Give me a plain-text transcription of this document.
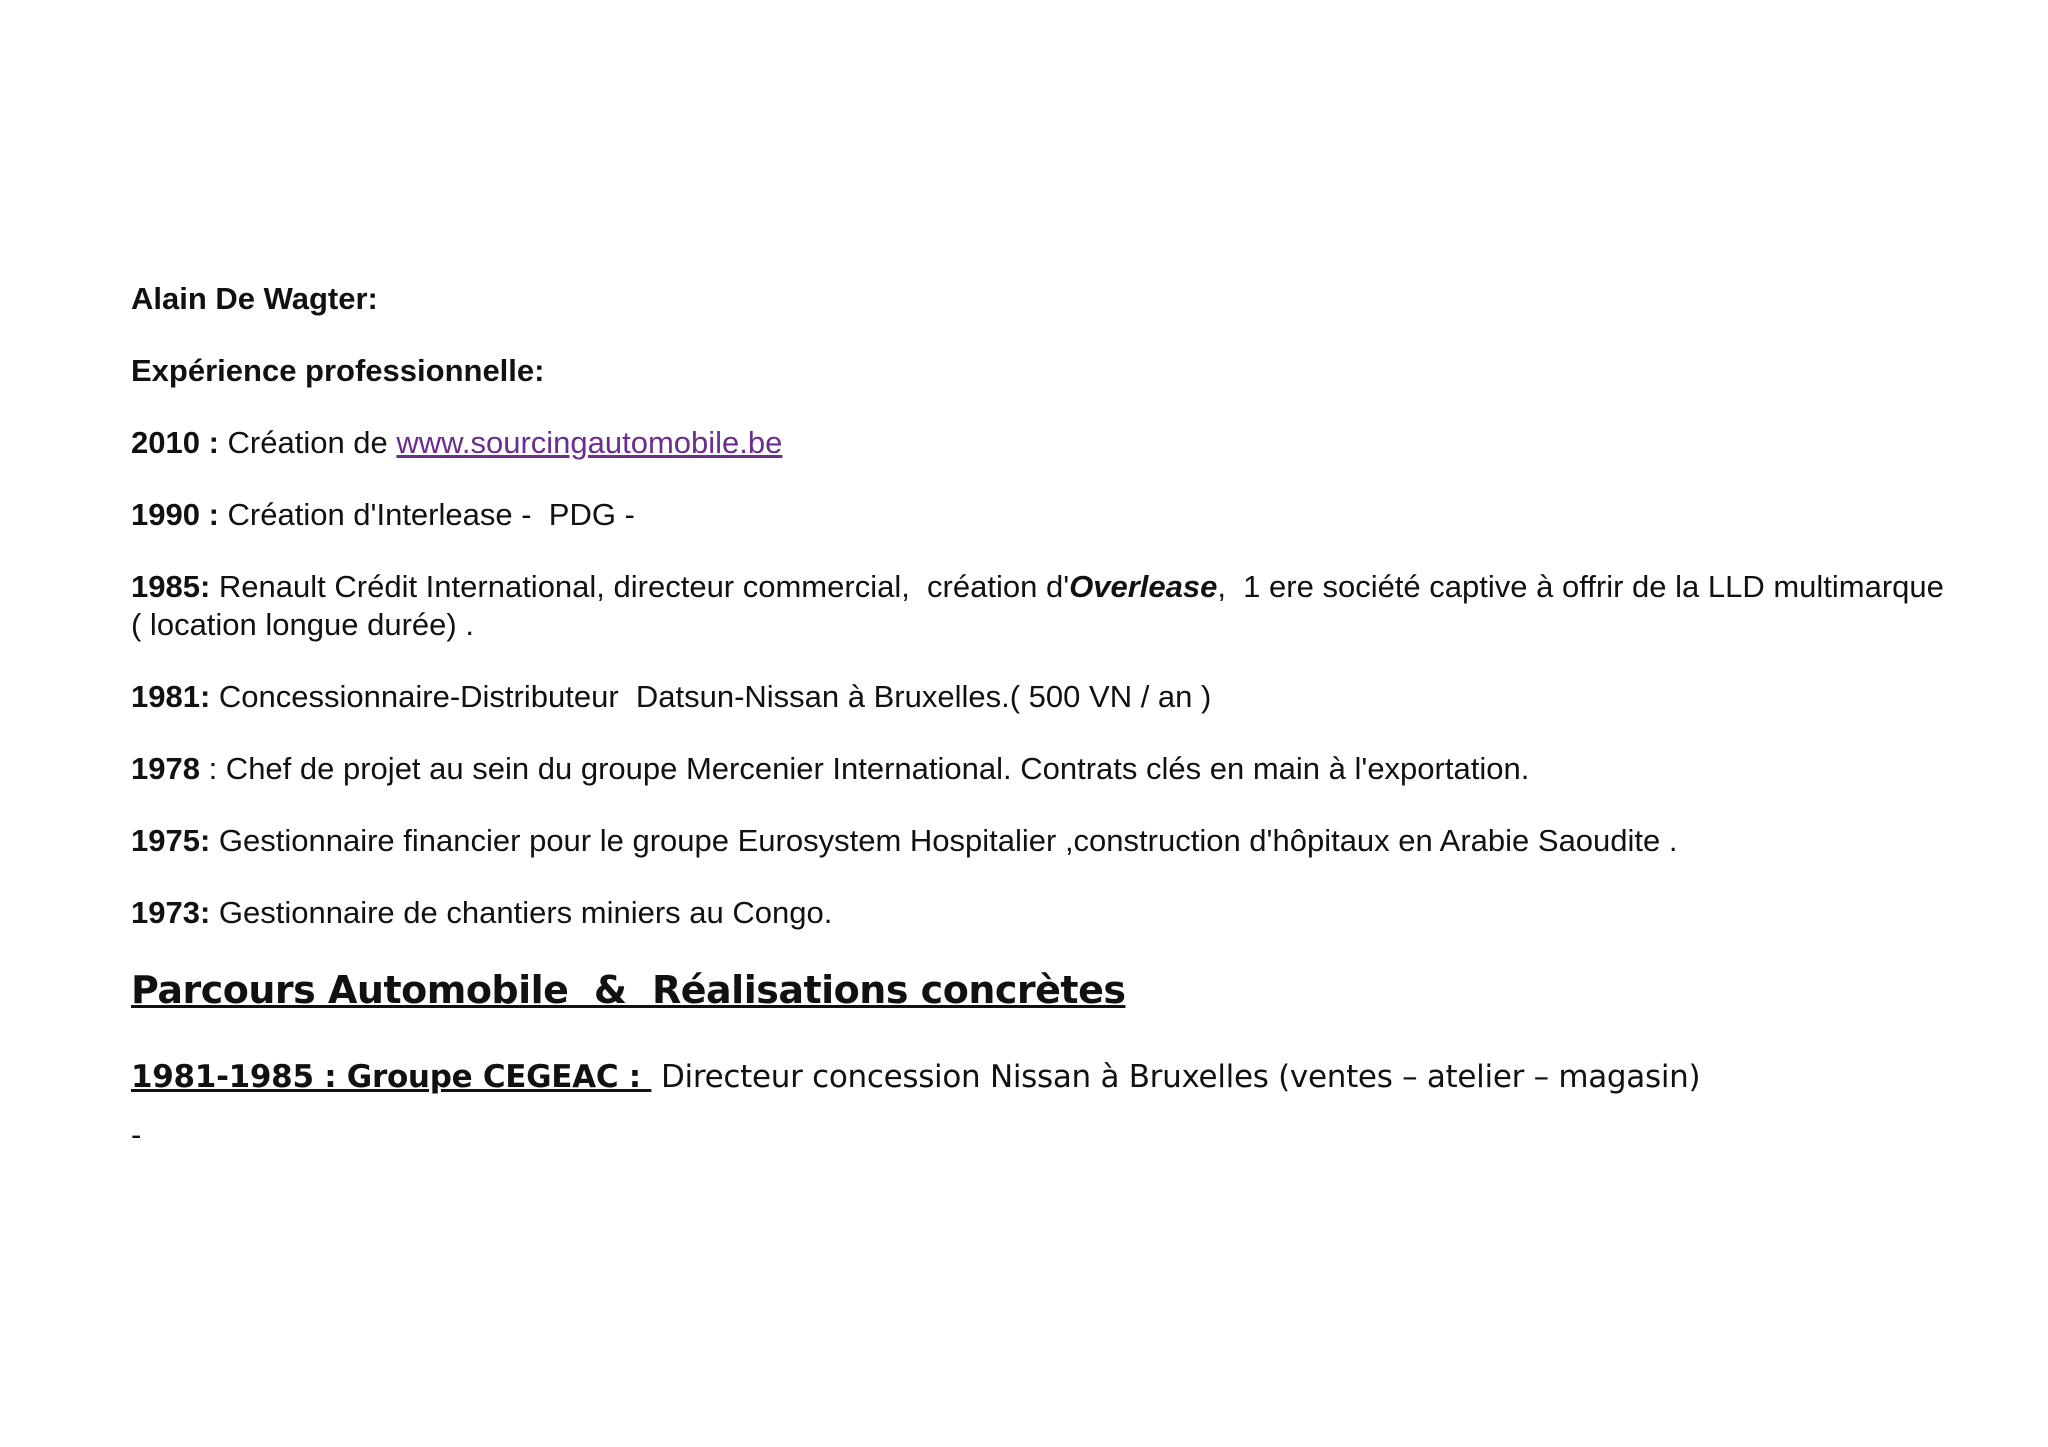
Alain De Wagter:

Expérience professionnelle:

2010 : Création de www.sourcingautomobile.be

1990 : Création d'Interlease -  PDG -

1985: Renault Crédit International, directeur commercial,  création d'Overlease,  1 ere société captive à offrir de la LLD multimarque ( location longue durée) .

1981: Concessionnaire-Distributeur  Datsun-Nissan à Bruxelles.( 500 VN / an )

1978 : Chef de projet au sein du groupe Mercenier International. Contrats clés en main à l'exportation.

1975: Gestionnaire financier pour le groupe Eurosystem Hospitalier ,construction d'hôpitaux en Arabie Saoudite .

1973: Gestionnaire de chantiers miniers au Congo.

Parcours Automobile  &  Réalisations concrètes

1981-1985 : Groupe CEGEAC :  Directeur concession Nissan à Bruxelles (ventes – atelier – magasin)

-
